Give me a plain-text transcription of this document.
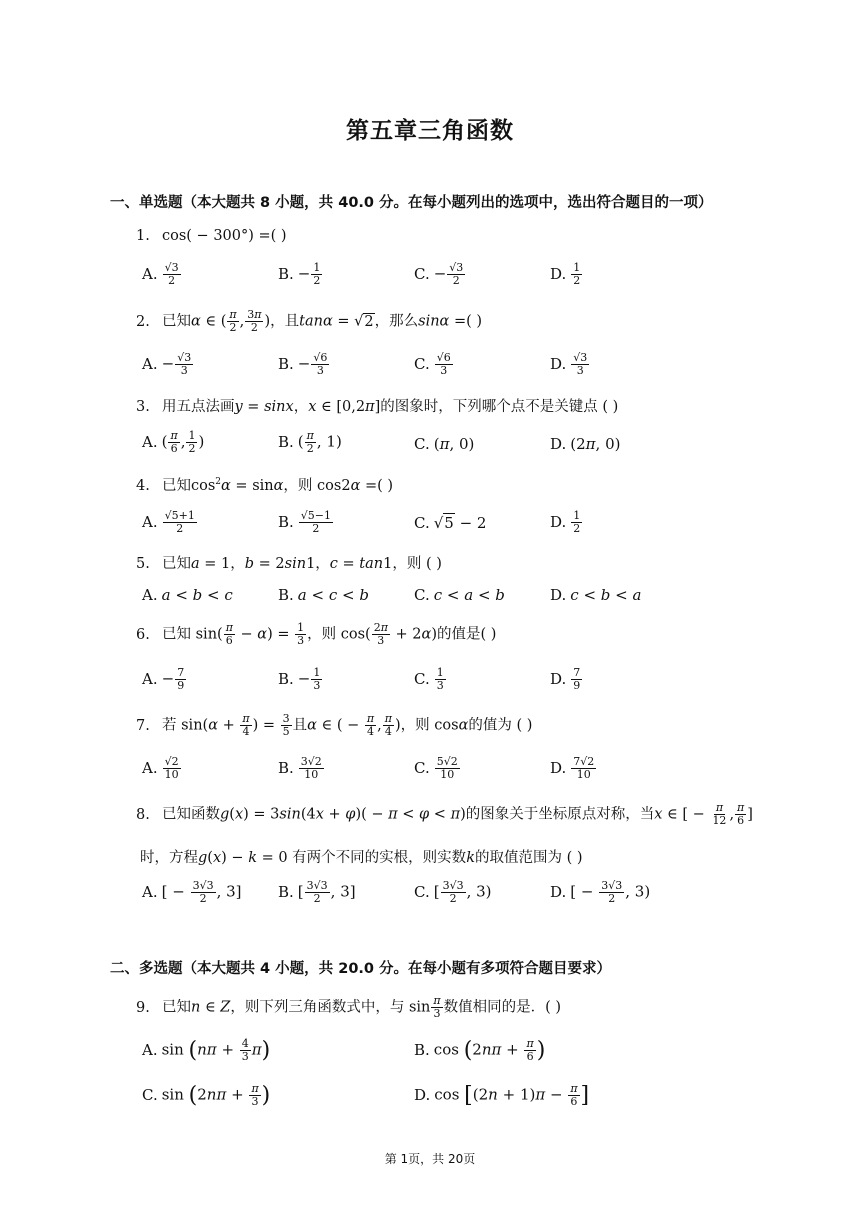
第五章三角函数
一、单选题（本大题共 8 小题，共 40.0 分。在每小题列出的选项中，选出符合题目的一项）
1. cos( − 300°) =( )
A. $\frac{√3}{2}$	B. − $\frac{1}{2}$	C. − $\frac{√3}{2}$	D. $\frac{1}{2}$
2. 已知α ∈ ( $\frac{\pi}{2}$ , $\frac{3\pi}{2}$ )，且tanα = √2，那么sinα =( )
A. − $\frac{√3}{3}$	B. − $\frac{√6}{3}$	C. $\frac{√6}{3}$	D. $\frac{√3}{3}$
3. 用五点法画y = sinx，x ∈ [0,2π]的图象时，下列哪个点不是关键点 ( )
A. ( $\frac{\pi}{6}$ , $\frac{1}{2}$ )	B. ( $\frac{\pi}{2}$ , 1)	C. (π, 0)	D. (2π, 0)
4. 已知$\cos^2\alpha = \sin\alpha$，则 cos2α =( )
A. $\frac{√5+1}{2}$	B. $\frac{√5-1}{2}$	C. √5 − 2	D. $\frac{1}{2}$
5. 已知a = 1，b = 2sin1，c = tan1，则 ( )
A. a < b < c	B. a < c < b	C. c < a < b	D. c < b < a
6. 已知 $\sin( \frac{\pi}{6} - \alpha) = \frac{1}{3}$ ，则 $\cos( \frac{2\pi}{3} + 2\alpha)$的值是( )
A. − $\frac{7}{9}$	B. − $\frac{1}{3}$	C. $\frac{1}{3}$	D. $\frac{7}{9}$
7. 若 $\sin(\alpha + \frac{\pi}{4}$ ) = $\frac{3}{5}$ 且α ∈ ( − $\frac{\pi}{4}$ , $\frac{\pi}{4}$ )，则 cosα的值为 ( )
A. $\frac{√2}{10}$	B. $\frac{3√2}{10}$	C. $\frac{5√2}{10}$	D. $\frac{7√2}{10}$
8. 已知函数g(x) = 3sin(4x + φ)( − π < φ < π)的图象关于坐标原点对称，当x ∈ [ − $\frac{\pi}{12}$ , $\frac{\pi}{6}$ ]
时，方程g(x) − k = 0 有两个不同的实根，则实数k的取值范围为 ( )
A. [ − $\frac{3√3}{2}$ , 3] B. [ $\frac{3√3}{2}$ , 3]	C. [ $\frac{3√3}{2}$ , 3)	D. [ − $\frac{3√3}{2}$ , 3)
二、多选题（本大题共 4 小题，共 20.0 分。在每小题有多项符合题目要求）
9. 已知n ∈ Z，则下列三角函数式中，与 $\sin \frac{\pi}{3}$ 数值相同的是．( )
A. $\sin (n\pi + \frac{4}{3} \pi)$	B. $\cos (2n\pi + \frac{\pi}{6}$ )
C. $\sin (2n\pi + \frac{\pi}{3}$ )	D. $\cos [(2n + 1)\pi - \frac{\pi}{6}$ ]
第 1页，共 20页
